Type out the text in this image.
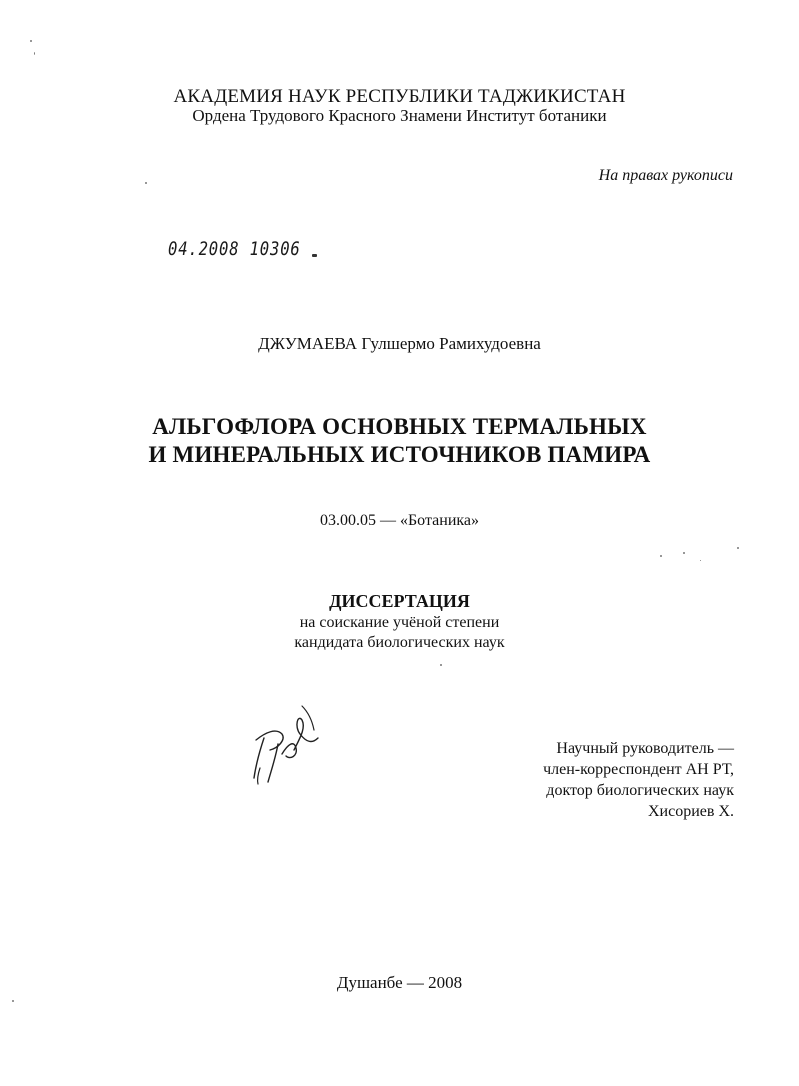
АКАДЕМИЯ НАУК РЕСПУБЛИКИ ТАДЖИКИСТАН
Ордена Трудового Красного Знамени Институт ботаники
На правах рукописи
04.2008 10306
ДЖУМАЕВА Гулшермо Рамихудоевна
АЛЬГОФЛОРА ОСНОВНЫХ ТЕРМАЛЬНЫХ
И МИНЕРАЛЬНЫХ ИСТОЧНИКОВ ПАМИРА
03.00.05 — «Ботаника»
ДИССЕРТАЦИЯ
на соискание учёной степени
кандидата биологических наук
Научный руководитель —
член-корреспондент АН РТ,
доктор биологических наук
Хисориев Х.
Душанбе — 2008
